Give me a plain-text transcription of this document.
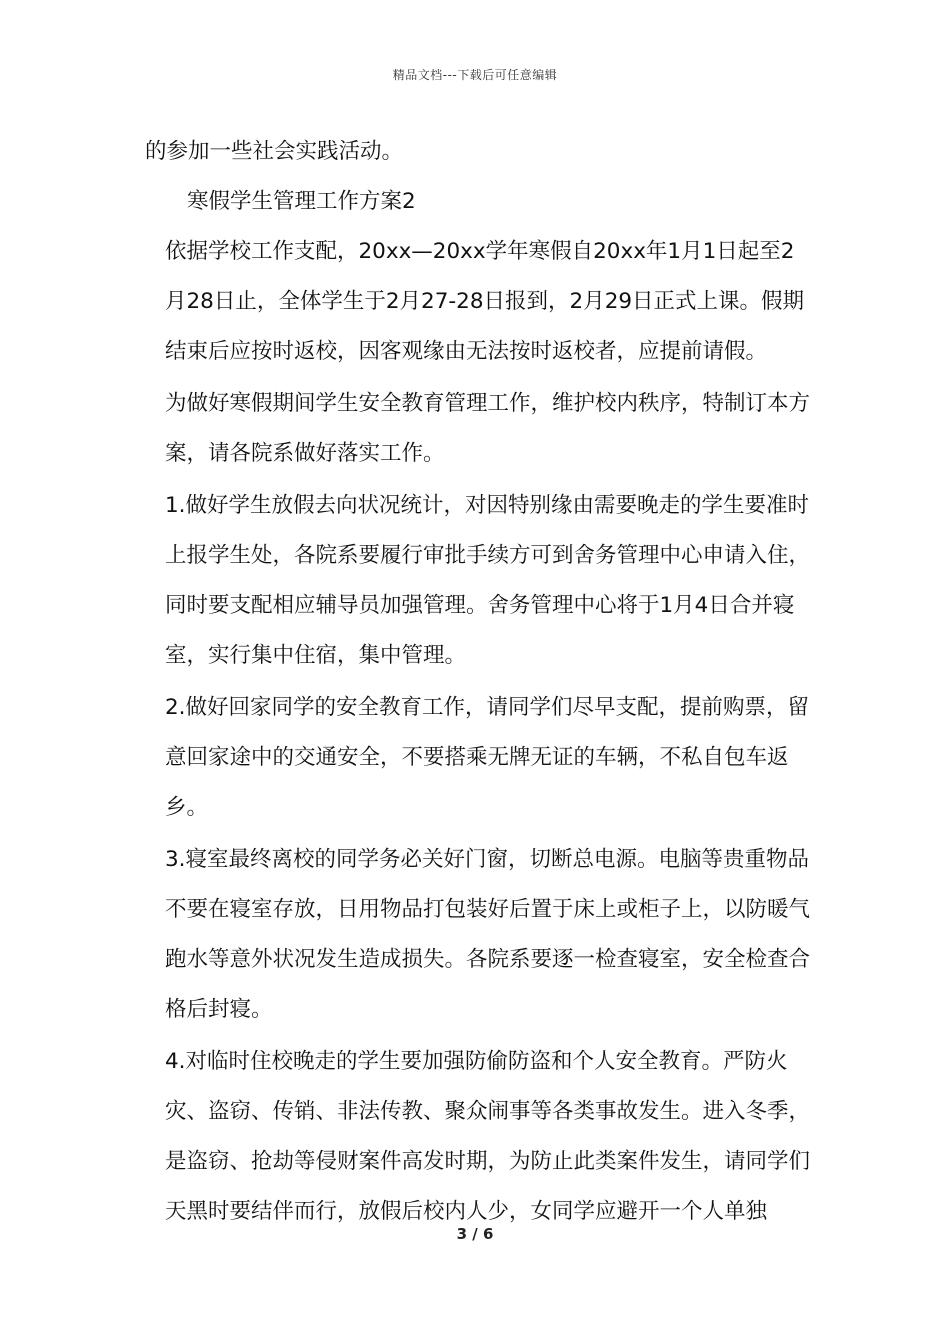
精品文档---下载后可任意编辑

的参加一些社会实践活动。

寒假学生管理工作方案2

依据学校工作支配，20xx—20xx学年寒假自20xx年1月1日起至2月28日止，全体学生于2月27-28日报到，2月29日正式上课。假期结束后应按时返校，因客观缘由无法按时返校者，应提前请假。

为做好寒假期间学生安全教育管理工作，维护校内秩序，特制订本方案，请各院系做好落实工作。

1.做好学生放假去向状况统计，对因特别缘由需要晚走的学生要准时上报学生处，各院系要履行审批手续方可到舍务管理中心申请入住，同时要支配相应辅导员加强管理。舍务管理中心将于1月4日合并寝室，实行集中住宿，集中管理。

2.做好回家同学的安全教育工作，请同学们尽早支配，提前购票，留意回家途中的交通安全，不要搭乘无牌无证的车辆，不私自包车返乡。

3.寝室最终离校的同学务必关好门窗，切断总电源。电脑等贵重物品不要在寝室存放，日用物品打包装好后置于床上或柜子上，以防暖气跑水等意外状况发生造成损失。各院系要逐一检查寝室，安全检查合格后封寝。

4.对临时住校晚走的学生要加强防偷防盗和个人安全教育。严防火灾、盗窃、传销、非法传教、聚众闹事等各类事故发生。进入冬季，是盗窃、抢劫等侵财案件高发时期，为防止此类案件发生，请同学们天黑时要结伴而行，放假后校内人少，女同学应避开一个人单独

3 / 6
